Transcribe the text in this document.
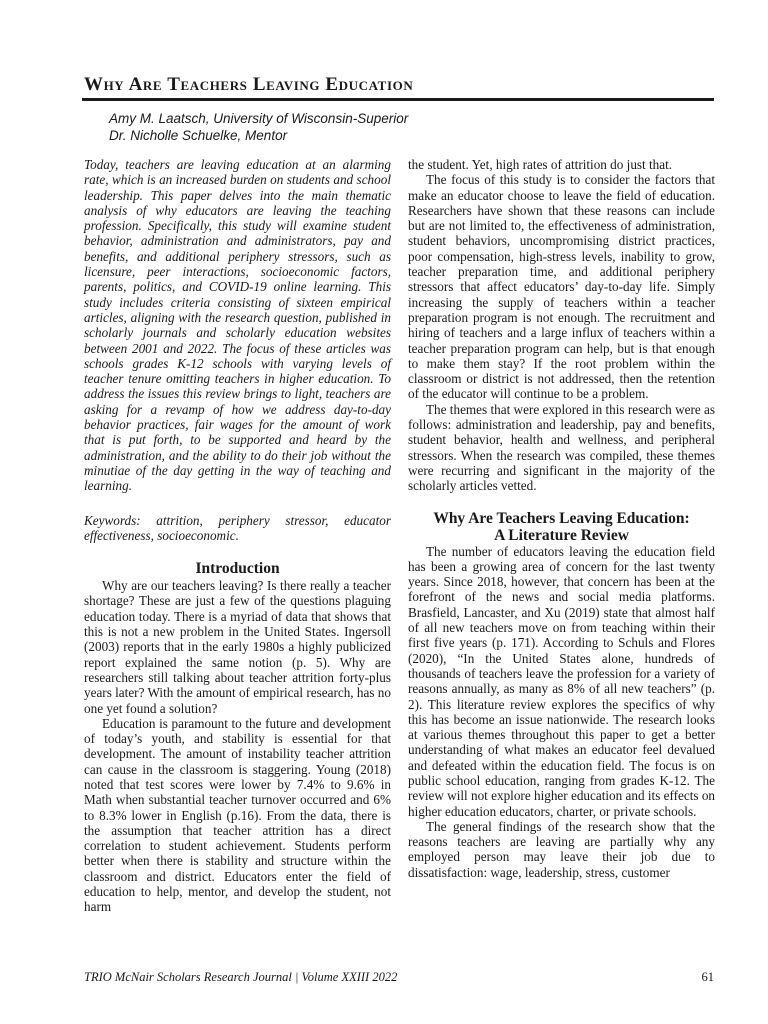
Why Are Teachers Leaving Education
Amy M. Laatsch, University of Wisconsin-Superior
Dr. Nicholle Schuelke, Mentor

Today, teachers are leaving education at an alarming rate, which is an increased burden on students and school leadership. This paper delves into the main thematic analysis of why educators are leaving the teaching profession. Specifically, this study will examine student behavior, administration and administrators, pay and benefits, and additional periphery stressors, such as licensure, peer interactions, socioeconomic factors, parents, politics, and COVID-19 online learning. This study includes criteria consisting of sixteen empirical articles, aligning with the research question, published in scholarly journals and scholarly education websites between 2001 and 2022. The focus of these articles was schools grades K-12 schools with varying levels of teacher tenure omitting teachers in higher education. To address the issues this review brings to light, teachers are asking for a revamp of how we address day-to-day behavior practices, fair wages for the amount of work that is put forth, to be supported and heard by the administration, and the ability to do their job without the minutiae of the day getting in the way of teaching and learning.

Keywords: attrition, periphery stressor, educator effectiveness, socioeconomic.

Introduction

Why are our teachers leaving? Is there really a teacher shortage? These are just a few of the questions plaguing education today. There is a myriad of data that shows that this is not a new problem in the United States. Ingersoll (2003) reports that in the early 1980s a highly publicized report explained the same notion (p. 5). Why are researchers still talking about teacher attrition forty-plus years later? With the amount of empirical research, has no one yet found a solution?

Education is paramount to the future and development of today’s youth, and stability is essential for that development. The amount of instability teacher attrition can cause in the classroom is staggering. Young (2018) noted that test scores were lower by 7.4% to 9.6% in Math when substantial teacher turnover occurred and 6% to 8.3% lower in English (p.16). From the data, there is the assumption that teacher attrition has a direct correlation to student achievement. Students perform better when there is stability and structure within the classroom and district. Educators enter the field of education to help, mentor, and develop the student, not harm

the student. Yet, high rates of attrition do just that.

The focus of this study is to consider the factors that make an educator choose to leave the field of education. Researchers have shown that these reasons can include but are not limited to, the effectiveness of administration, student behaviors, uncompromising district practices, poor compensation, high-stress levels, inability to grow, teacher preparation time, and additional periphery stressors that affect educators’ day-to-day life. Simply increasing the supply of teachers within a teacher preparation program is not enough. The recruitment and hiring of teachers and a large influx of teachers within a teacher preparation program can help, but is that enough to make them stay? If the root problem within the classroom or district is not addressed, then the retention of the educator will continue to be a problem.

The themes that were explored in this research were as follows: administration and leadership, pay and benefits, student behavior, health and wellness, and peripheral stressors. When the research was compiled, these themes were recurring and significant in the majority of the scholarly articles vetted.

Why Are Teachers Leaving Education:
A Literature Review

The number of educators leaving the education field has been a growing area of concern for the last twenty years. Since 2018, however, that concern has been at the forefront of the news and social media platforms. Brasfield, Lancaster, and Xu (2019) state that almost half of all new teachers move on from teaching within their first five years (p. 171). According to Schuls and Flores (2020), “In the United States alone, hundreds of thousands of teachers leave the profession for a variety of reasons annually, as many as 8% of all new teachers” (p. 2). This literature review explores the specifics of why this has become an issue nationwide. The research looks at various themes throughout this paper to get a better understanding of what makes an educator feel devalued and defeated within the education field. The focus is on public school education, ranging from grades K-12. The review will not explore higher education and its effects on higher education educators, charter, or private schools.

The general findings of the research show that the reasons teachers are leaving are partially why any employed person may leave their job due to dissatisfaction: wage, leadership, stress, customer

TRIO McNair Scholars Research Journal | Volume XXIII 2022	61
